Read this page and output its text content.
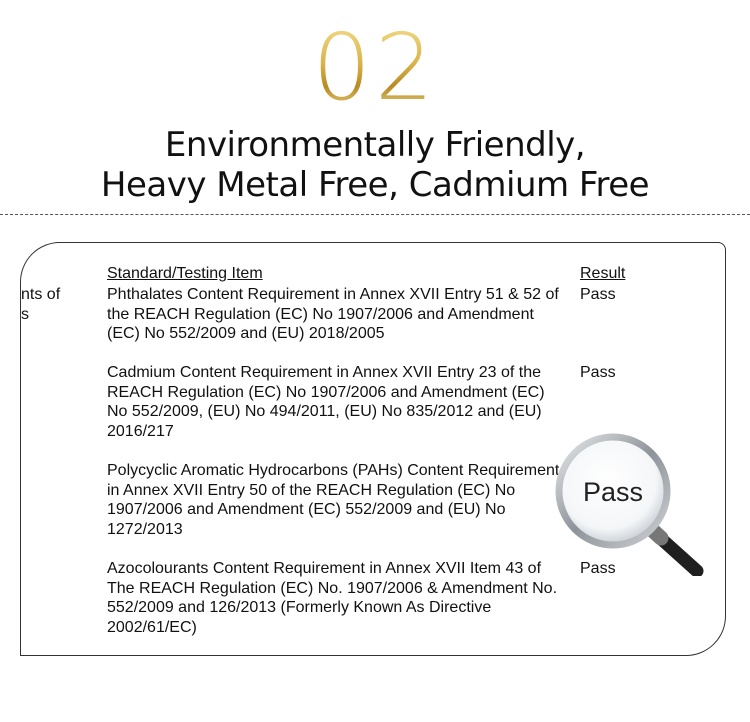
02
Environmentally Friendly,
Heavy Metal Free, Cadmium Free
nts of
s
Standard/Testing Item	Result
Phthalates Content Requirement in Annex XVII Entry 51 & 52 of the REACH Regulation (EC) No 1907/2006 and Amendment (EC) No 552/2009 and (EU) 2018/2005
Pass
Cadmium Content Requirement in Annex XVII Entry 23 of the REACH Regulation (EC) No 1907/2006 and Amendment (EC) No 552/2009, (EU) No 494/2011, (EU) No 835/2012 and (EU) 2016/217
Pass
Polycyclic Aromatic Hydrocarbons (PAHs) Content Requirement in Annex XVII Entry 50 of the REACH Regulation (EC) No 1907/2006 and Amendment (EC) 552/2009 and (EU) No 1272/2013
Azocolourants Content Requirement in Annex XVII Item 43 of The REACH Regulation (EC) No. 1907/2006 & Amendment No. 552/2009 and 126/2013 (Formerly Known As Directive 2002/61/EC)
Pass
Pass
